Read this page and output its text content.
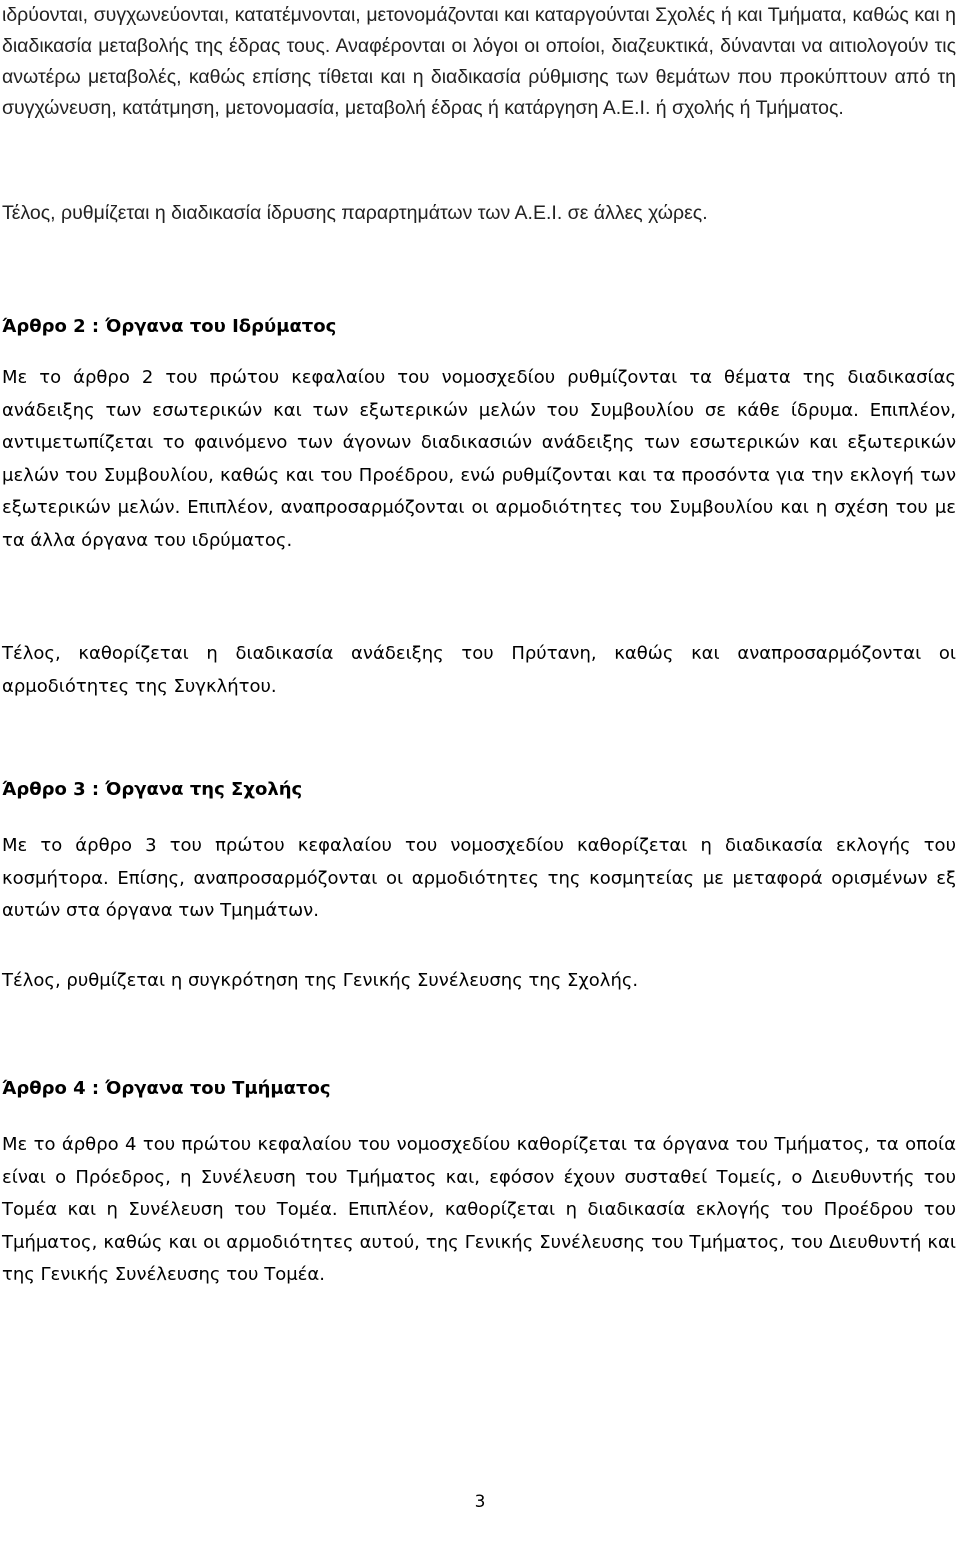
ιδρύονται, συγχωνεύονται, κατατέμνονται, μετονομάζονται και καταργούνται Σχολές ή και Τμήματα, καθώς και η διαδικασία μεταβολής της έδρας τους. Αναφέρονται οι λόγοι οι οποίοι, διαζευκτικά, δύνανται να αιτιολογούν τις ανωτέρω μεταβολές, καθώς επίσης τίθεται και η διαδικασία ρύθμισης των θεμάτων που προκύπτουν από τη συγχώνευση, κατάτμηση, μετονομασία, μεταβολή έδρας ή κατάργηση Α.Ε.Ι. ή σχολής ή Τμήματος.

Τέλος, ρυθμίζεται η διαδικασία ίδρυσης παραρτημάτων των Α.Ε.Ι. σε άλλες χώρες.

Άρθρο 2 : Όργανα του Ιδρύματος

Με το άρθρο 2 του πρώτου κεφαλαίου του νομοσχεδίου ρυθμίζονται τα θέματα της διαδικασίας ανάδειξης των εσωτερικών και των εξωτερικών μελών του Συμβουλίου σε κάθε ίδρυμα. Επιπλέον, αντιμετωπίζεται το φαινόμενο των άγονων διαδικασιών ανάδειξης των εσωτερικών και εξωτερικών μελών του Συμβουλίου, καθώς και του Προέδρου, ενώ ρυθμίζονται και τα προσόντα για την εκλογή των εξωτερικών μελών. Επιπλέον, αναπροσαρμόζονται οι αρμοδιότητες του Συμβουλίου και η σχέση του με τα άλλα όργανα του ιδρύματος.

Τέλος, καθορίζεται η διαδικασία ανάδειξης του Πρύτανη, καθώς και αναπροσαρμόζονται οι αρμοδιότητες της Συγκλήτου.

Άρθρο 3 : Όργανα της Σχολής

Με το άρθρο 3 του πρώτου κεφαλαίου του νομοσχεδίου καθορίζεται η διαδικασία εκλογής του κοσμήτορα. Επίσης, αναπροσαρμόζονται οι αρμοδιότητες της κοσμητείας με μεταφορά ορισμένων εξ αυτών στα όργανα των Τμημάτων.

Τέλος, ρυθμίζεται η συγκρότηση της Γενικής Συνέλευσης της Σχολής.

Άρθρο 4 : Όργανα του Τμήματος

Με το άρθρο 4 του πρώτου κεφαλαίου του νομοσχεδίου καθορίζεται τα όργανα του Τμήματος, τα οποία είναι ο Πρόεδρος, η Συνέλευση του Τμήματος και, εφόσον έχουν συσταθεί Τομείς, ο Διευθυντής του Τομέα και η Συνέλευση του Τομέα. Επιπλέον, καθορίζεται η διαδικασία εκλογής του Προέδρου του Τμήματος, καθώς και οι αρμοδιότητες αυτού, της Γενικής Συνέλευσης του Τμήματος, του Διευθυντή και της Γενικής Συνέλευσης του Τομέα.

3
